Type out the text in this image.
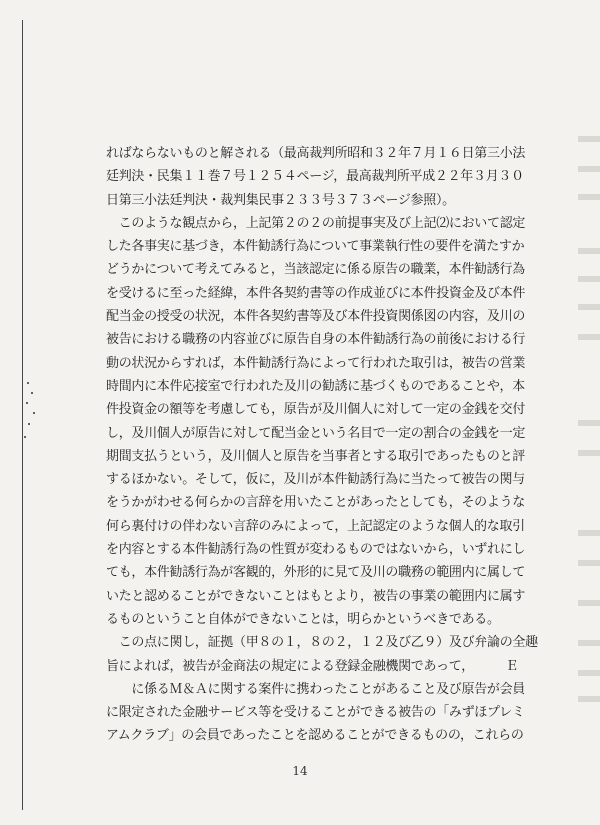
ればならないものと解される（最高裁判所昭和３２年７月１６日第三小法
廷判決・民集１１巻７号１２５４ページ，最高裁判所平成２２年３月３０
日第三小法廷判決・裁判集民事２３３号３７３ページ参照）。
　このような観点から，上記第２の２の前提事実及び上記⑵において認定
した各事実に基づき，本件勧誘行為について事業執行性の要件を満たすか
どうかについて考えてみると，当該認定に係る原告の職業，本件勧誘行為
を受けるに至った経緯，本件各契約書等の作成並びに本件投資金及び本件
配当金の授受の状況，本件各契約書等及び本件投資関係図の内容，及川の
被告における職務の内容並びに原告自身の本件勧誘行為の前後における行
動の状況からすれば，本件勧誘行為によって行われた取引は，被告の営業
時間内に本件応接室で行われた及川の勧誘に基づくものであることや，本
件投資金の額等を考慮しても，原告が及川個人に対して一定の金銭を交付
し，及川個人が原告に対して配当金という名目で一定の割合の金銭を一定
期間支払うという，及川個人と原告を当事者とする取引であったものと評
するほかない。そして，仮に，及川が本件勧誘行為に当たって被告の関与
をうかがわせる何らかの言辞を用いたことがあったとしても，そのような
何ら裏付けの伴わない言辞のみによって，上記認定のような個人的な取引
を内容とする本件勧誘行為の性質が変わるものではないから，いずれにし
ても，本件勧誘行為が客観的，外形的に見て及川の職務の範囲内に属して
いたと認めることができないことはもとより，被告の事業の範囲内に属す
るものということ自体ができないことは，明らかというべきである。
　この点に関し，証拠（甲８の１，８の２，１２及び乙９）及び弁論の全趣
旨によれば，被告が金商法の規定による登録金融機関であって，　　　Ｅ
　　に係るＭ＆Ａに関する案件に携わったことがあること及び原告が会員
に限定された金融サービス等を受けることができる被告の「みずほプレミ
アムクラブ」の会員であったことを認めることができるものの，これらの
14
